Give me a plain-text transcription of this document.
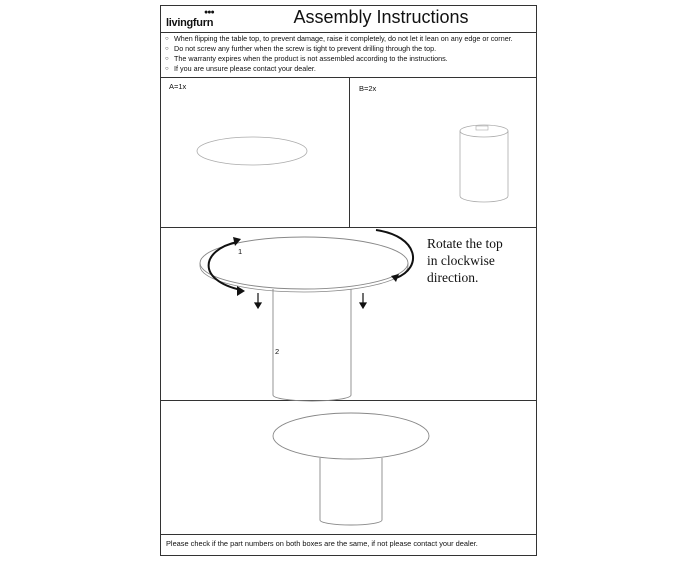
●●●
livingfurn	Assembly Instructions
○ When flipping the table top, to prevent damage, raise it completely, do not let it lean on any edge or corner.
○ Do not screw any further when the screw is tight to prevent drilling through the top.
○ The warranty expires when the product is not assembled according to the instructions.
○ If you are unsure please contact your dealer.
A=1x	B=2x
1
2
Rotate the top
in clockwise
direction.
Please check if the part numbers on both boxes are the same, if not please contact your dealer.
